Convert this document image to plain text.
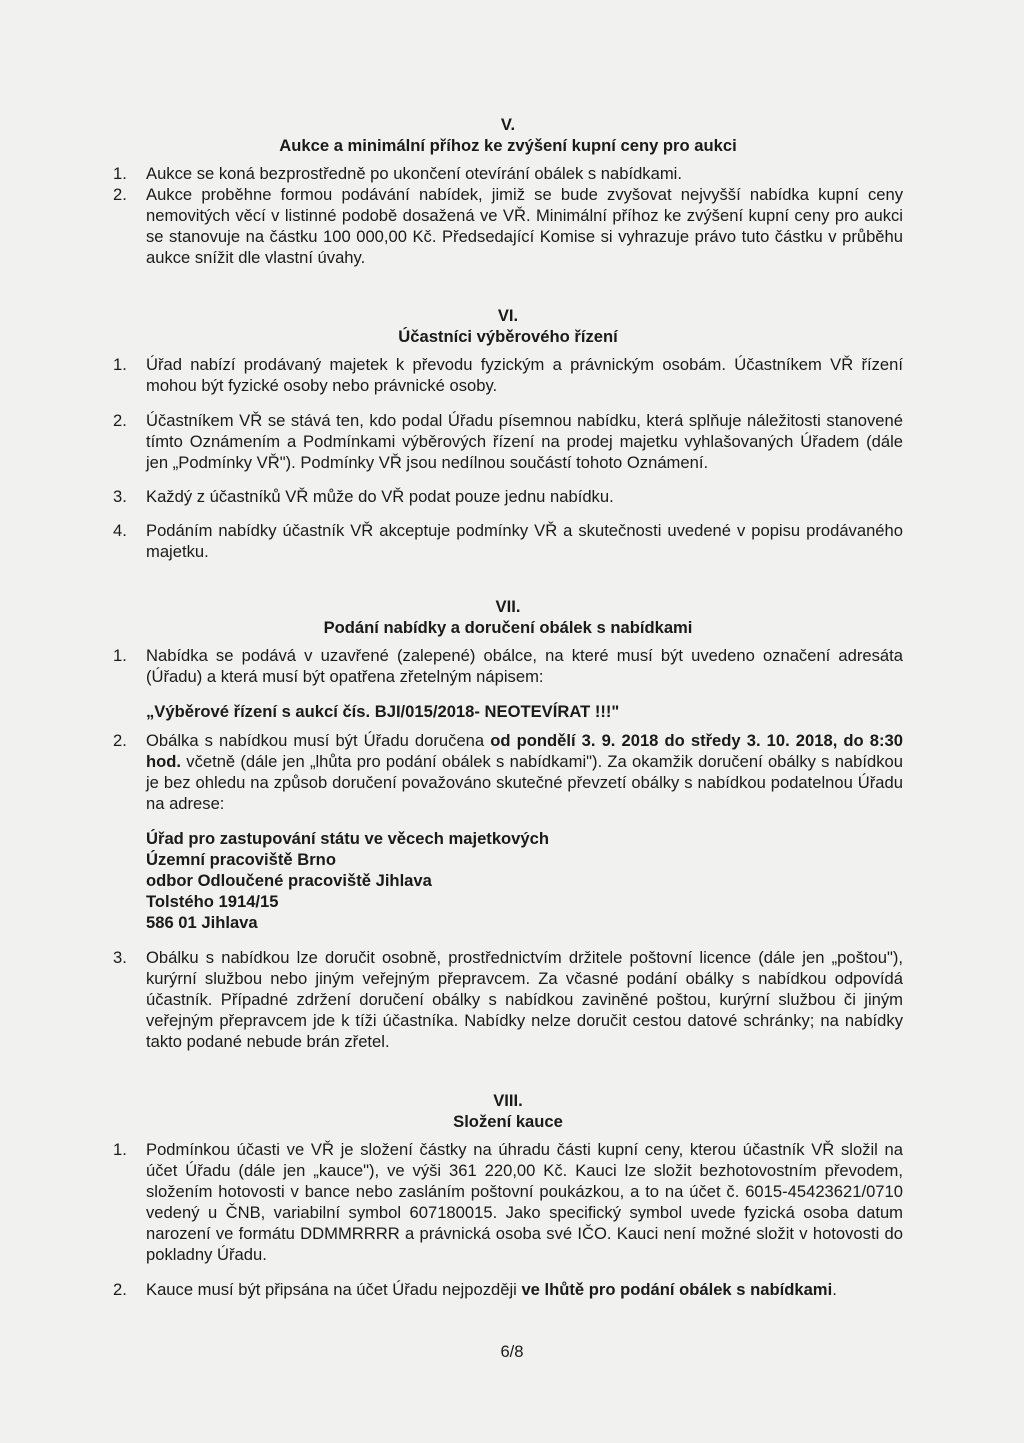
V.
Aukce a minimální příhoz ke zvýšení kupní ceny pro aukci
1.	Aukce se koná bezprostředně po ukončení otevírání obálek s nabídkami.
2.	Aukce proběhne formou podávání nabídek, jimiž se bude zvyšovat nejvyšší nabídka kupní ceny nemovitých věcí v listinné podobě dosažená ve VŘ. Minimální příhoz ke zvýšení kupní ceny pro aukci se stanovuje na částku 100 000,00 Kč. Předsedající Komise si vyhrazuje právo tuto částku v průběhu aukce snížit dle vlastní úvahy.
VI.
Účastníci výběrového řízení
1.	Úřad nabízí prodávaný majetek k převodu fyzickým a právnickým osobám. Účastníkem VŘ řízení mohou být fyzické osoby nebo právnické osoby.
2.	Účastníkem VŘ se stává ten, kdo podal Úřadu písemnou nabídku, která splňuje náležitosti stanovené tímto Oznámením a Podmínkami výběrových řízení na prodej majetku vyhlašovaných Úřadem (dále jen „Podmínky VŘ"). Podmínky VŘ jsou nedílnou součástí tohoto Oznámení.
3.	Každý z účastníků VŘ může do VŘ podat pouze jednu nabídku.
4.	Podáním nabídky účastník VŘ akceptuje podmínky VŘ a skutečnosti uvedené v popisu prodávaného majetku.
VII.
Podání nabídky a doručení obálek s nabídkami
1.	Nabídka se podává v uzavřené (zalepené) obálce, na které musí být uvedeno označení adresáta (Úřadu) a která musí být opatřena zřetelným nápisem:
„Výběrové řízení s aukcí čís. BJI/015/2018- NEOTEVÍRAT !!!"
2.	Obálka s nabídkou musí být Úřadu doručena od pondělí 3. 9. 2018 do středy 3. 10. 2018, do 8:30 hod. včetně (dále jen „lhůta pro podání obálek s nabídkami"). Za okamžik doručení obálky s nabídkou je bez ohledu na způsob doručení považováno skutečné převzetí obálky s nabídkou podatelnou Úřadu na adrese:
Úřad pro zastupování státu ve věcech majetkových
Územní pracoviště Brno
odbor Odloučené pracoviště Jihlava
Tolstého 1914/15
586 01 Jihlava
3.	Obálku s nabídkou lze doručit osobně, prostřednictvím držitele poštovní licence (dále jen „poštou"), kurýrní službou nebo jiným veřejným přepravcem. Za včasné podání obálky s nabídkou odpovídá účastník. Případné zdržení doručení obálky s nabídkou zaviněné poštou, kurýrní službou či jiným veřejným přepravcem jde k tíži účastníka. Nabídky nelze doručit cestou datové schránky; na nabídky takto podané nebude brán zřetel.
VIII.
Složení kauce
1.	Podmínkou účasti ve VŘ je složení částky na úhradu části kupní ceny, kterou účastník VŘ složil na účet Úřadu (dále jen „kauce"), ve výši 361 220,00 Kč. Kauci lze složit bezhotovostním převodem, složením hotovosti v bance nebo zasláním poštovní poukázkou, a to na účet č. 6015-45423621/0710 vedený u ČNB, variabilní symbol 607180015. Jako specifický symbol uvede fyzická osoba datum narození ve formátu DDMMRRRR a právnická osoba své IČO. Kauci není možné složit v hotovosti do pokladny Úřadu.
2.	Kauce musí být připsána na účet Úřadu nejpozději ve lhůtě pro podání obálek s nabídkami.
6/8
